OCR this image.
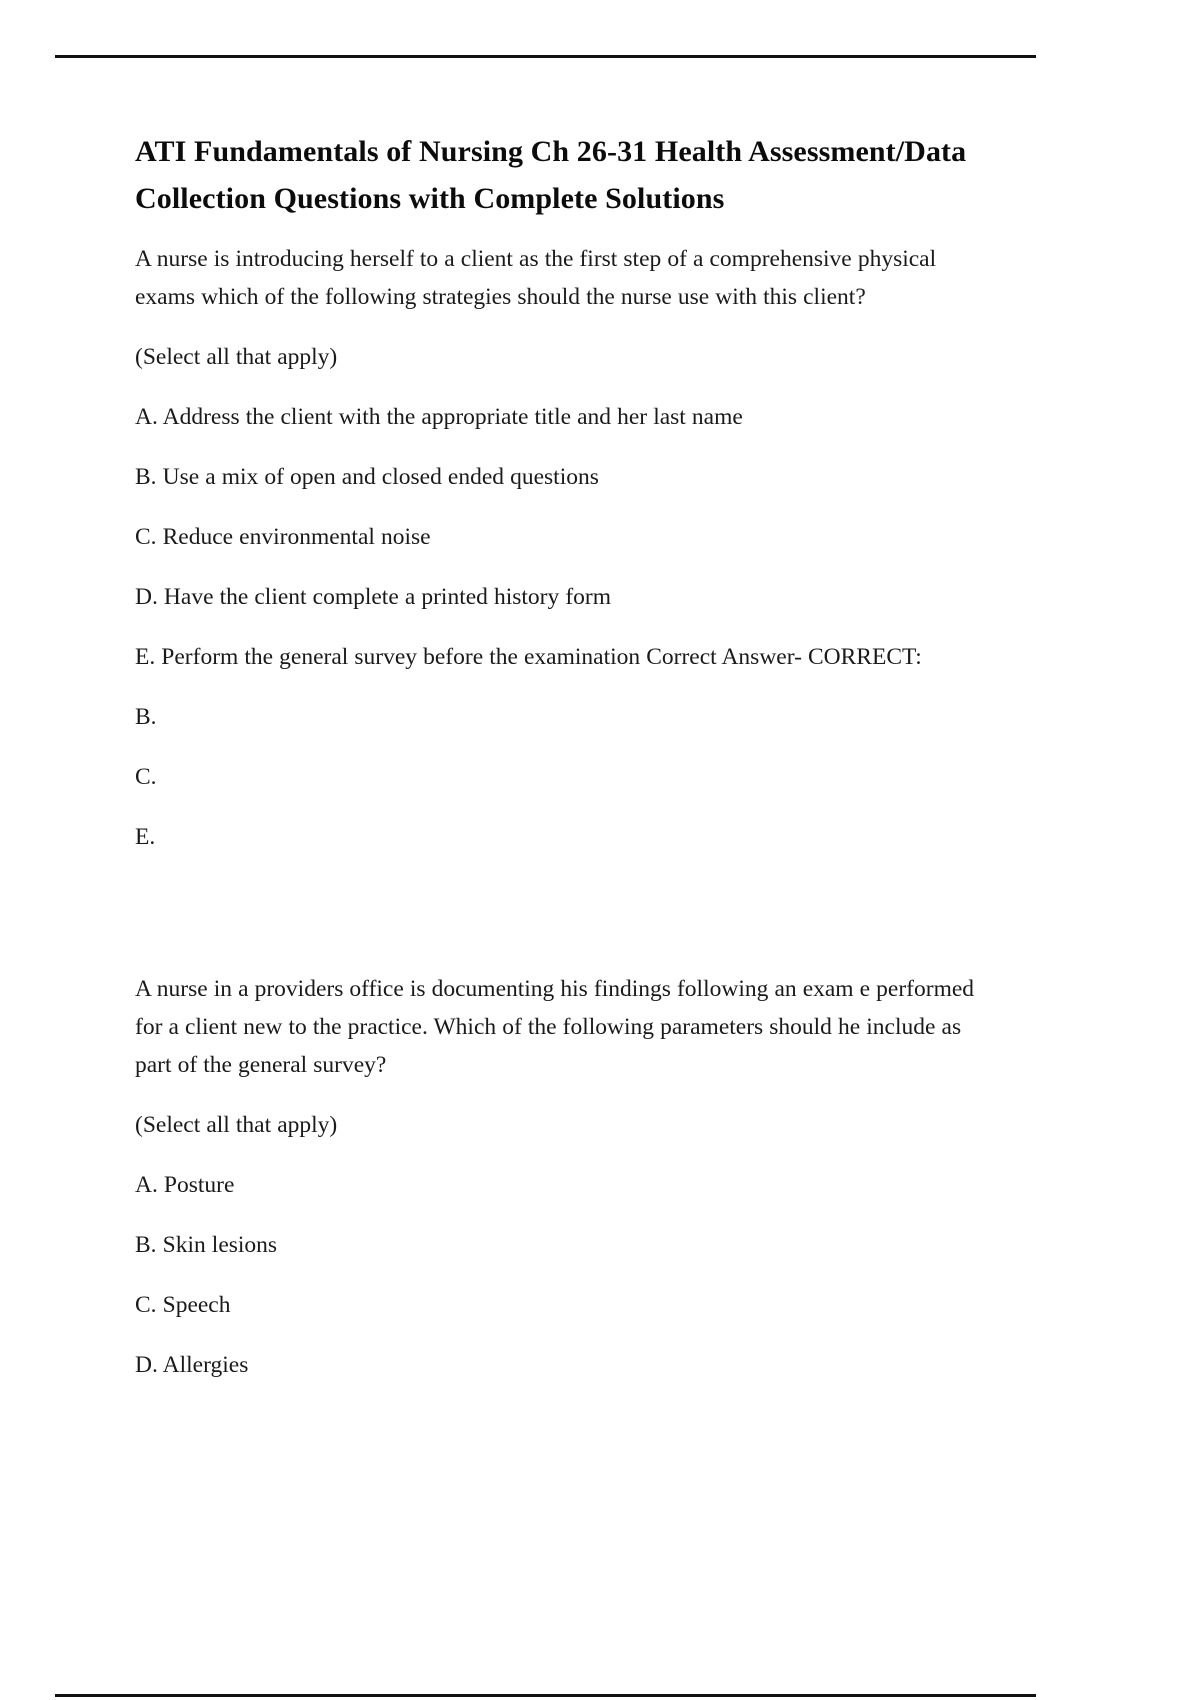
ATI Fundamentals of Nursing Ch 26-31 Health Assessment/Data Collection Questions with Complete Solutions

A nurse is introducing herself to a client as the first step of a comprehensive physical exams which of the following strategies should the nurse use with this client?

(Select all that apply)

A. Address the client with the appropriate title and her last name

B. Use a mix of open and closed ended questions

C. Reduce environmental noise

D. Have the client complete a printed history form

E. Perform the general survey before the examination Correct Answer- CORRECT:

B.

C.

E.

A nurse in a providers office is documenting his findings following an exam e performed for a client new to the practice. Which of the following parameters should he include as part of the general survey?

(Select all that apply)

A. Posture

B. Skin lesions

C. Speech

D. Allergies
